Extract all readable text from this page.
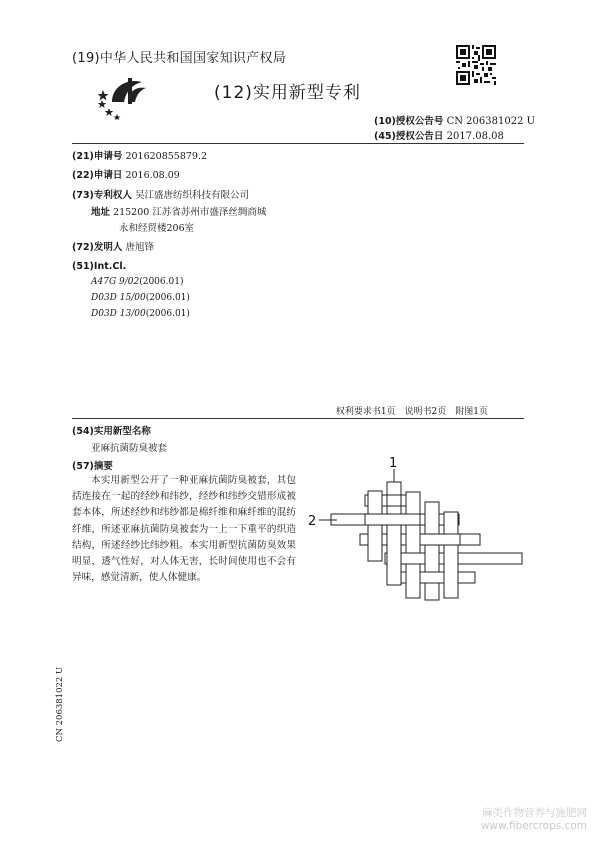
(19)中华人民共和国国家知识产权局
(12)实用新型专利
(10)授权公告号 CN 206381022 U
(45)授权公告日 2017.08.08
(21)申请号 201620855879.2
(22)申请日 2016.08.09
(73)专利权人 吴江盛唐纺织科技有限公司
地址 215200 江苏省苏州市盛泽丝绸商城
永和经贸楼206室
(72)发明人 唐旭锋
(51)Int.Cl.
A47G 9/02(2006.01)
D03D 15/00(2006.01)
D03D 13/00(2006.01)
权利要求书1页　说明书2页　附图1页
(54)实用新型名称
亚麻抗菌防臭被套
(57)摘要
本实用新型公开了一种亚麻抗菌防臭被套，其包括连接在一起的经纱和纬纱，经纱和纬纱交错形成被套本体，所述经纱和纬纱都是棉纤维和麻纤维的混纺纤维，所述亚麻抗菌防臭被套为一上一下重平的织造结构，所述经纱比纬纱粗。本实用新型抗菌防臭效果明显，透气性好，对人体无害，长时间使用也不会有异味，感觉清新，使人体健康。
1
2
CN 206381022 U
麻类作物营养与施肥网
www.fibercrops.com
